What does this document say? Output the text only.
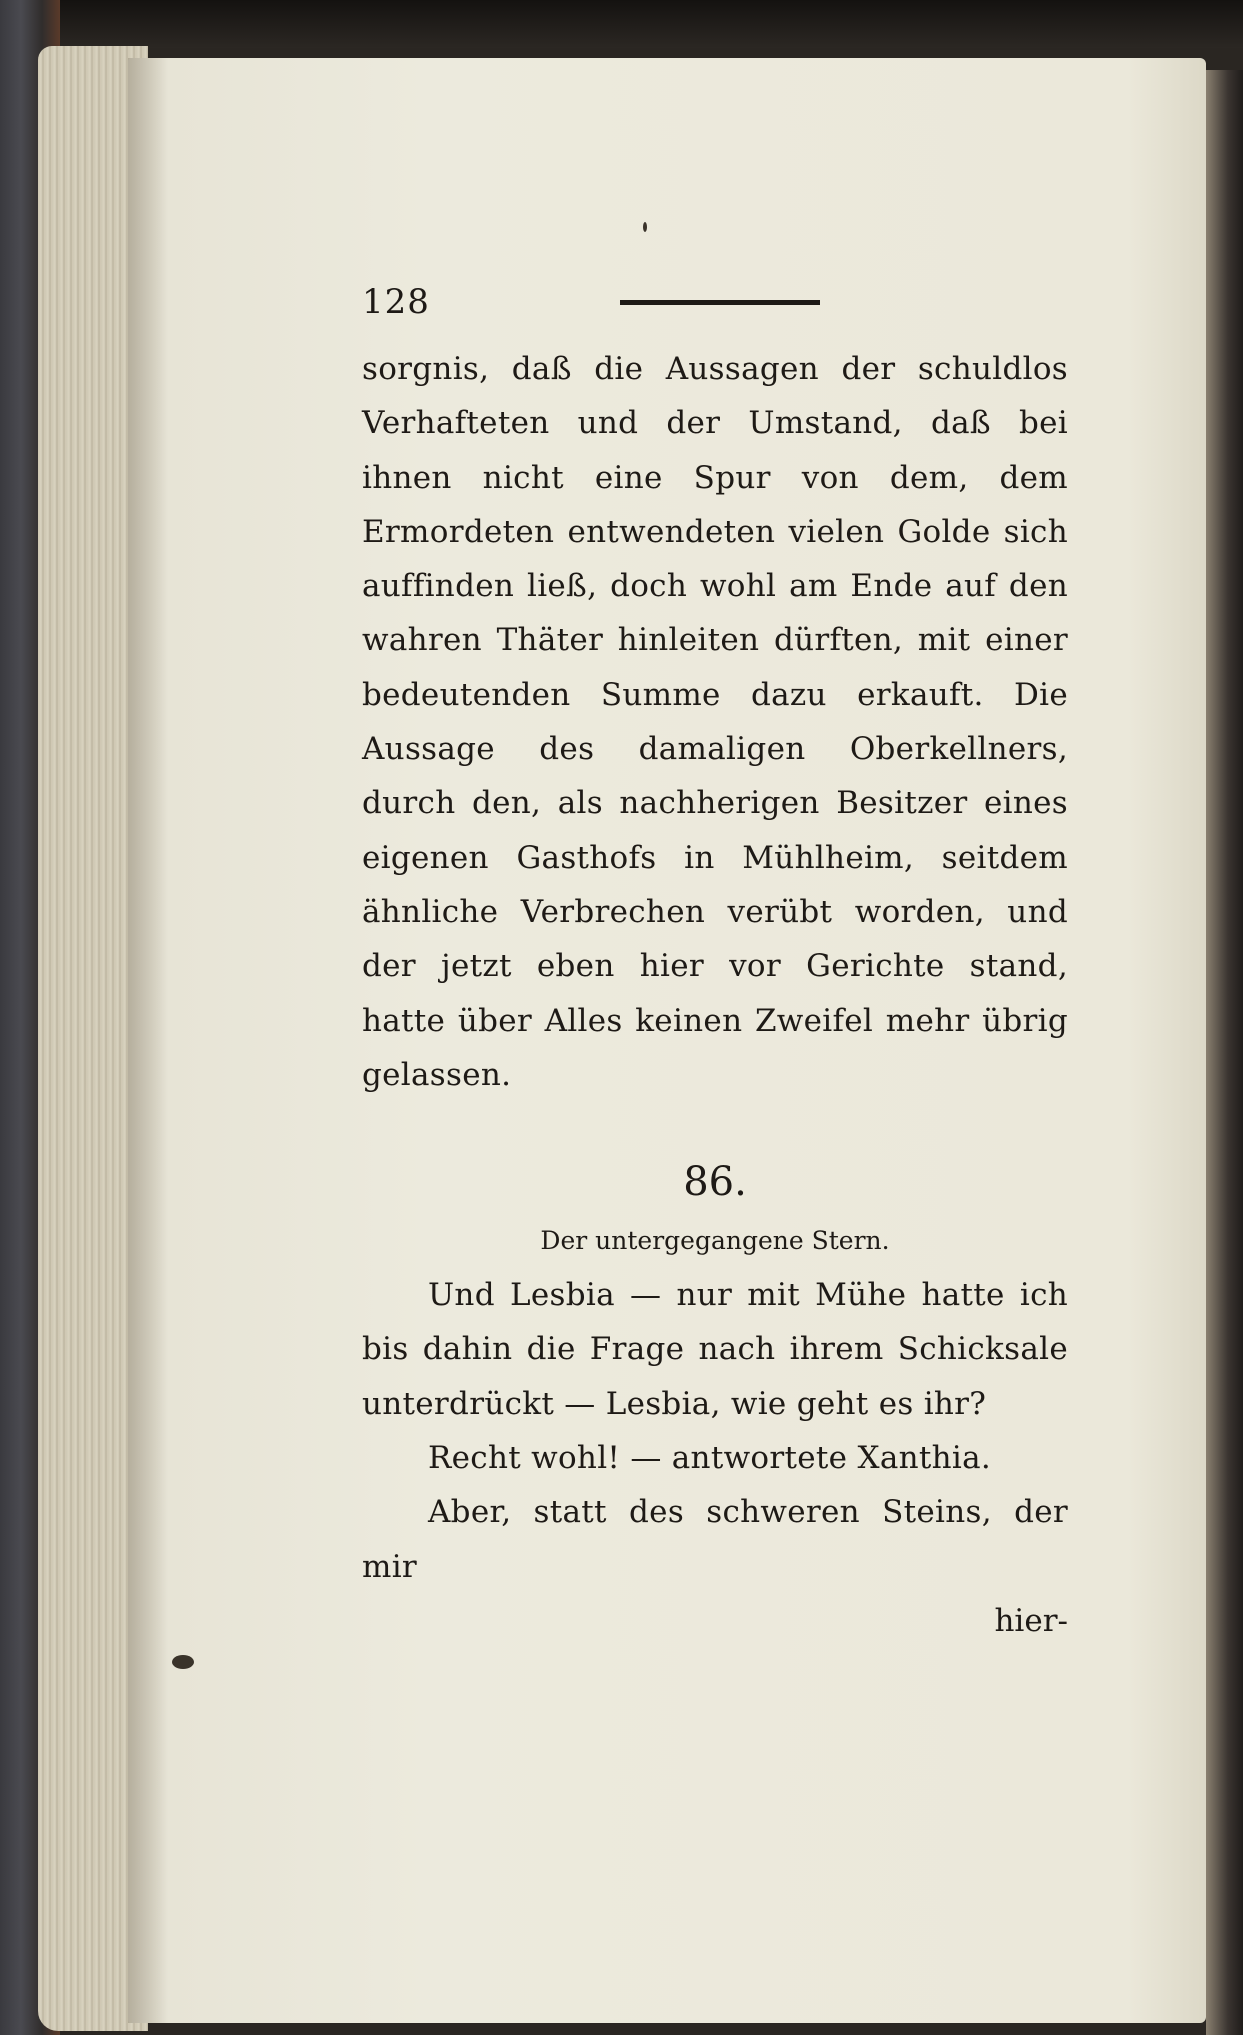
128

sorgnis, daß die Aussagen der schuldlos Verhafteten und der Umstand, daß bei ihnen nicht eine Spur von dem, dem Ermordeten entwendeten vielen Golde sich auffinden ließ, doch wohl am Ende auf den wahren Thäter hinleiten dürften, mit einer bedeutenden Summe dazu erkauft. Die Aussage des damaligen Oberkellners, durch den, als nachherigen Besitzer eines eigenen Gasthofs in Mühlheim, seitdem ähnliche Verbrechen verübt worden, und der jetzt eben hier vor Gerichte stand, hatte über Alles keinen Zweifel mehr übrig gelassen.

86.
Der untergegangene Stern.

Und Lesbia — nur mit Mühe hatte ich bis dahin die Frage nach ihrem Schicksale unterdrückt — Lesbia, wie geht es ihr?

Recht wohl! — antwortete Xanthia.

Aber, statt des schweren Steins, der mir

hier-
